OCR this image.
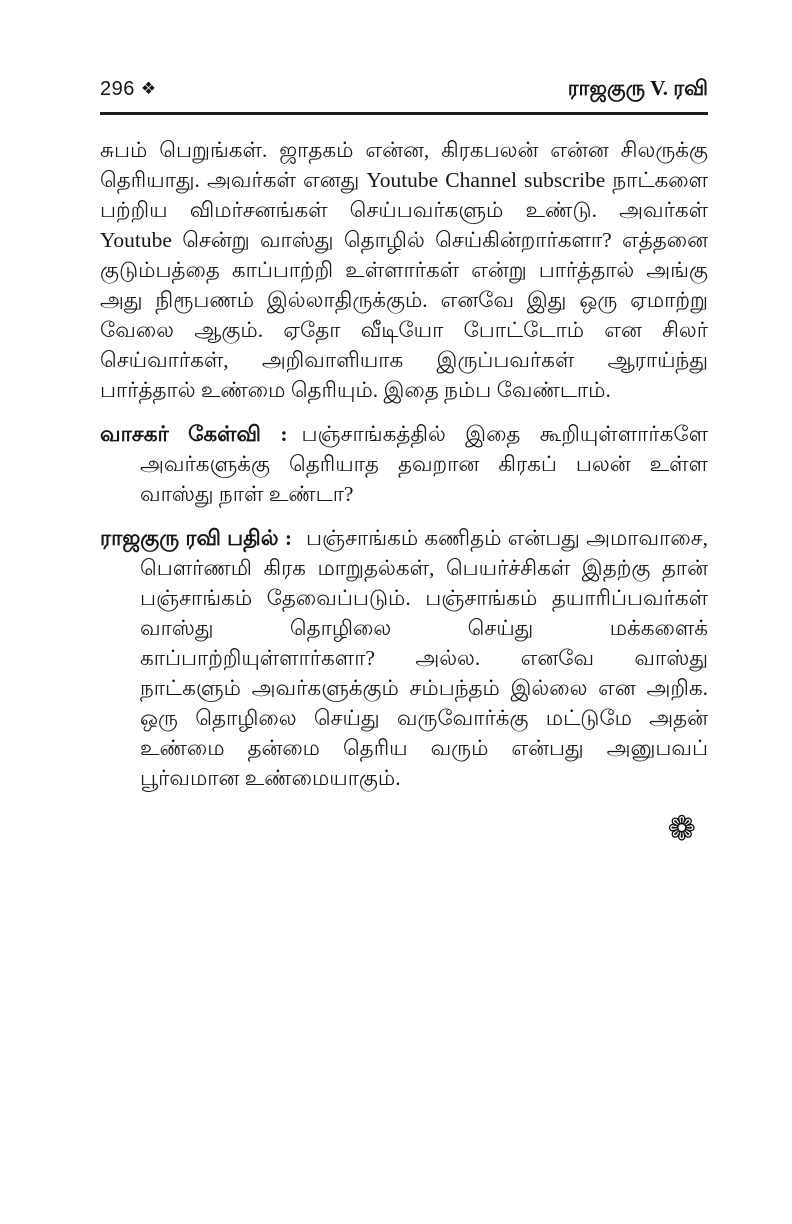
296 ❖	ராஜகுரு V. ரவி

சுபம் பெறுங்கள். ஜாதகம் என்ன, கிரகபலன் என்ன சிலருக்கு தெரியாது. அவர்கள் எனது Youtube Channel subscribe நாட்களை பற்றிய விமர்சனங்கள் செய்பவர்களும் உண்டு. அவர்கள் Youtube சென்று வாஸ்து தொழில் செய்கின்றார்களா? எத்தனை குடும்பத்தை காப்பாற்றி உள்ளார்கள் என்று பார்த்தால் அங்கு அது நிரூபணம் இல்லாதிருக்கும். எனவே இது ஒரு ஏமாற்று வேலை ஆகும். ஏதோ வீடியோ போட்டோம் என சிலர் செய்வார்கள், அறிவாளியாக இருப்பவர்கள் ஆராய்ந்து பார்த்தால் உண்மை தெரியும். இதை நம்ப வேண்டாம்.

வாசகர் கேள்வி : பஞ்சாங்கத்தில் இதை கூறியுள்ளார்களே அவர்களுக்கு தெரியாத தவறான கிரகப் பலன் உள்ள வாஸ்து நாள் உண்டா?

ராஜகுரு ரவி பதில் : பஞ்சாங்கம் கணிதம் என்பது அமாவாசை, பௌர்ணமி கிரக மாறுதல்கள், பெயர்ச்சிகள் இதற்கு தான் பஞ்சாங்கம் தேவைப்படும். பஞ்சாங்கம் தயாரிப்பவர்கள் வாஸ்து தொழிலை செய்து மக்களைக் காப்பாற்றியுள்ளார்களா? அல்ல. எனவே வாஸ்து நாட்களும் அவர்களுக்கும் சம்பந்தம் இல்லை என அறிக. ஒரு தொழிலை செய்து வருவோர்க்கு மட்டுமே அதன் உண்மை தன்மை தெரிய வரும் என்பது அனுபவப் பூர்வமான உண்மையாகும்.

❁
